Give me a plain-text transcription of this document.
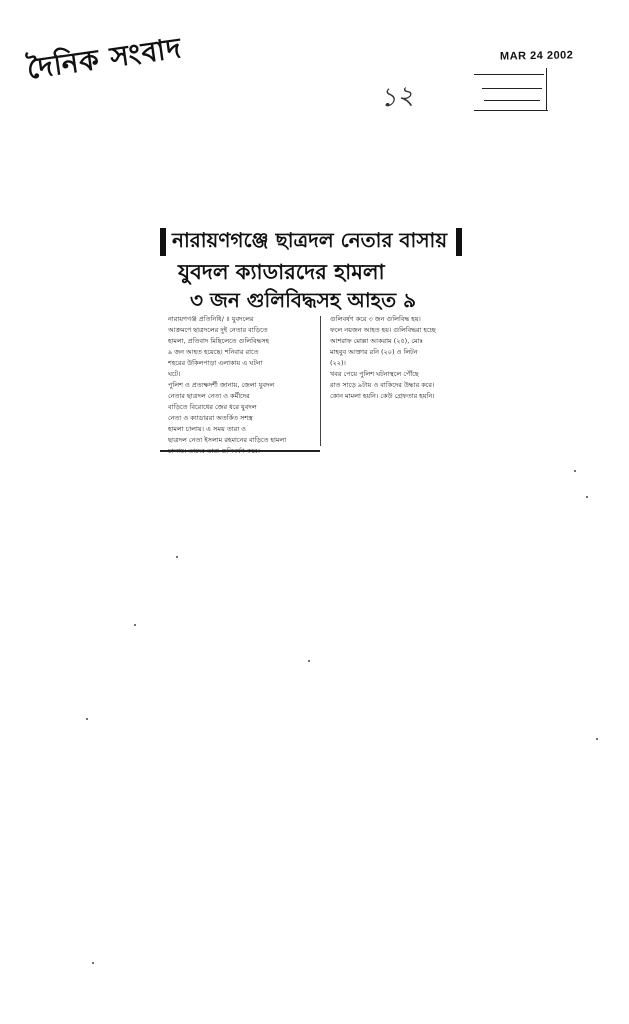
দৈনিক সংবাদ	MAR 24 2002
১২
নারায়ণগঞ্জে ছাত্রদল নেতার বাসায়
যুবদল ক্যাডারদের হামলা
৩ জন গুলিবিদ্ধসহ আহত ৯
নারায়ণগঞ্জ প্রতিনিধি/ ॥ যুবদলের
আক্রমণে ছাত্রদলের দুই নেতার বাড়িতে
হামলা, প্রতিবাদ মিছিলেতে গুলিবিদ্ধসহ
৯ জন আহত হয়েছে। শনিবার রাতে
শহরের উকিলপাড়া এলাকায় এ ঘটনা
ঘটে।
পুলিশ ও প্রত্যক্ষদর্শী জানায়, জেলা যুবদল
নেতার ছাত্রদল নেতা ও কর্মীদের
বাড়িতে বিরোধের জের ধরে যুবদল
নেতা ও ক্যাডাররা অতর্কিত সশস্ত্র
হামলা চালায়। এ সময় তারা ও
ছাত্রদল নেতা ইসলাম রহমানের বাড়িতে হামলা
গুলিবর্ষণ করে ৩ জন গুলিবিদ্ধ হয়।
ফলে নয়জন আহত হয়। গুলিবিদ্ধরা হচ্ছে
আশরাফ মোল্লা আকরাম (২৫), মোঃ
মাহবুব আক্তার রনি (২০) ও লিটন
(২২)।
খবর পেয়ে পুলিশ ঘটনাস্থলে পৌঁছে
রাত সাড়ে ৯টায় ও বাকিদের উদ্ধার করে।
কোন মামলা হয়নি। কেউ গ্রেফতার হয়নি।
